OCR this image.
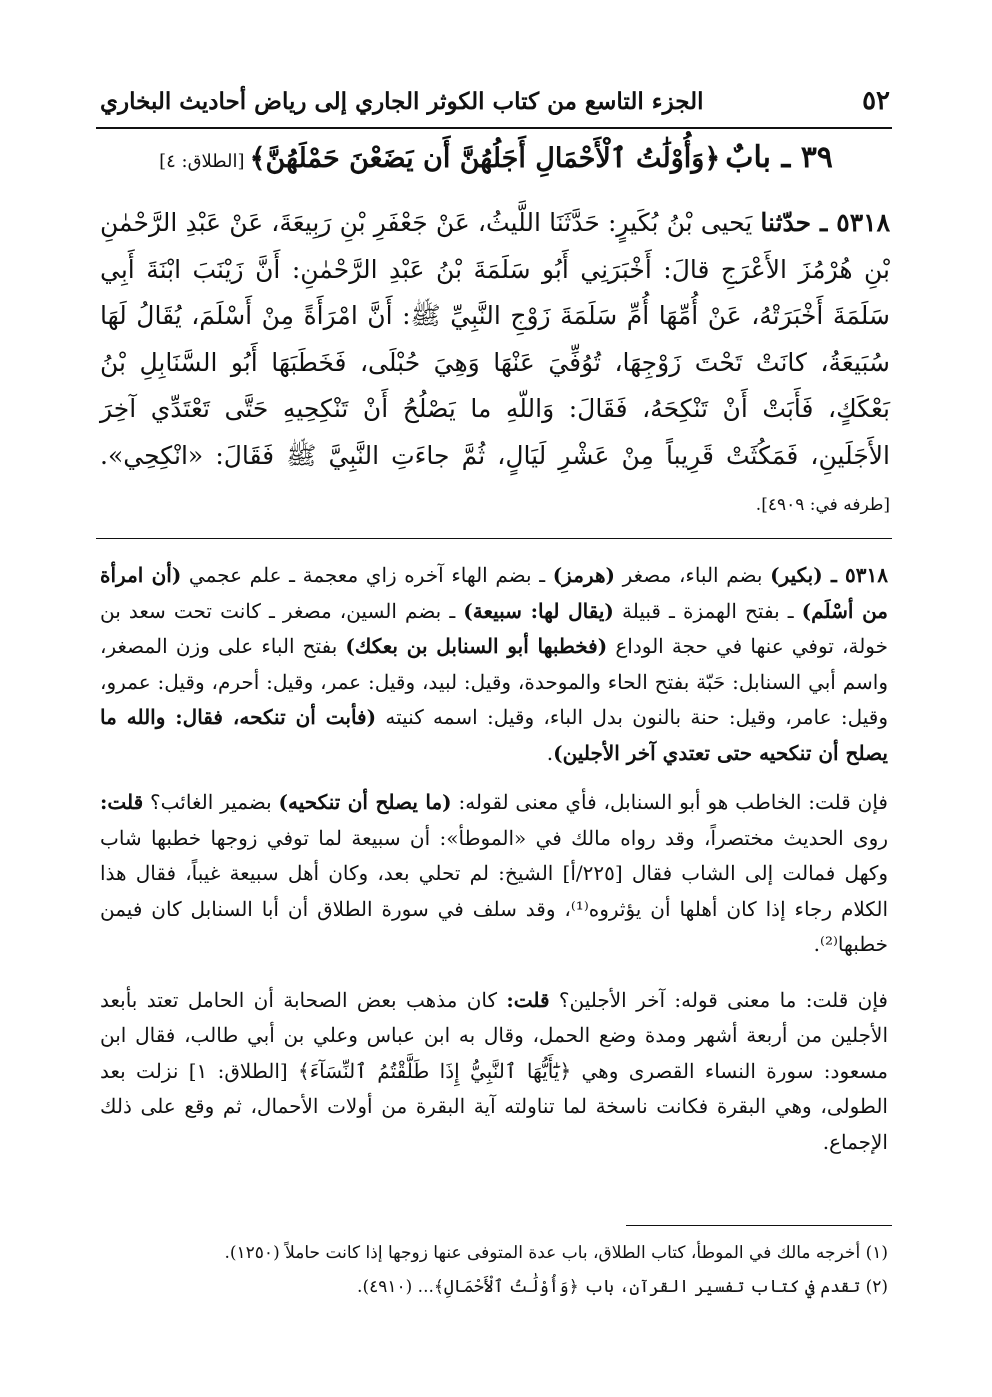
٥٢
الجزء التاسع من كتاب الكوثر الجاري إلى رياض أحاديث البخاري
٣٩ ـ بابٌ ﴿وَأُوْلَٰتُ ٱلْأَحْمَالِ أَجَلُهُنَّ أَن يَضَعْنَ حَمْلَهُنَّ﴾ [الطلاق: ٤]
٥٣١٨ ـ حدّثنا يَحيى بْنُ بُكَيرٍ: حَدَّثَنَا اللَّيثُ، عَنْ جَعْفَرِ بْنِ رَبِيعَةَ، عَنْ عَبْدِ الرَّحْمٰنِ بْنِ هُرْمُزَ الأَعْرَجِ قالَ: أَخْبَرَنِي أَبُو سَلَمَةَ بْنُ عَبْدِ الرَّحْمٰنِ: أَنَّ زَيْنَبَ ابْنَةَ أَبِي سَلَمَةَ أَخْبَرَتْهُ، عَنْ أُمِّهَا أُمِّ سَلَمَةَ زَوْجِ النَّبِيِّ ﷺ: أَنَّ امْرَأَةً مِنْ أَسْلَمَ، يُقَالُ لَهَا سُبَيعَةُ، كانَتْ تَحْتَ زَوْجِهَا، تُوُفِّيَ عَنْهَا وَهِيَ حُبْلَى، فَخَطَبَهَا أَبُو السَّنَابِلِ بْنُ بَعْكَكٍ، فَأَبَتْ أَنْ تَنْكِحَهُ، فَقَالَ: وَاللّهِ ما يَصْلُحُ أَنْ تَنْكِحِيهِ حَتَّى تَعْتَدِّي آخِرَ الأَجَلَينِ، فَمَكُثَتْ قَرِيباً مِنْ عَشْرِ لَيَالٍ، ثُمَّ جاءَتِ النَّبِيَّ ﷺ فَقَالَ: «انْكِحِي». [طرفه في: ٤٩٠٩].

٥٣١٨ ـ (بكير) بضم الباء، مصغر (هرمز) ـ بضم الهاء آخره زاي معجمة ـ علم عجمي (أن امرأة من أسْلَم) ـ بفتح الهمزة ـ قبيلة (يقال لها: سبيعة) ـ بضم السين، مصغر ـ كانت تحت سعد بن خولة، توفي عنها في حجة الوداع (فخطبها أبو السنابل بن بعكك) بفتح الباء على وزن المصغر، واسم أبي السنابل: حَبّة بفتح الحاء والموحدة، وقيل: لبيد، وقيل: عمر، وقيل: أحرم، وقيل: عمرو، وقيل: عامر، وقيل: حنة بالنون بدل الباء، وقيل: اسمه كنيته (فأبت أن تنكحه، فقال: والله ما يصلح أن تنكحيه حتى تعتدي آخر الأجلين).

فإن قلت: الخاطب هو أبو السنابل، فأي معنى لقوله: (ما يصلح أن تنكحيه) بضمير الغائب؟ قلت: روى الحديث مختصراً، وقد رواه مالك في «الموطأ»: أن سبيعة لما توفي زوجها خطبها شاب وكهل فمالت إلى الشاب فقال [٢٢٥/أ] الشيخ: لم تحلي بعد، وكان أهل سبيعة غيباً، فقال هذا الكلام رجاء إذا كان أهلها أن يؤثروه⁽¹⁾، وقد سلف في سورة الطلاق أن أبا السنابل كان فيمن خطبها⁽²⁾.

فإن قلت: ما معنى قوله: آخر الأجلين؟ قلت: كان مذهب بعض الصحابة أن الحامل تعتد بأبعد الأجلين من أربعة أشهر ومدة وضع الحمل، وقال به ابن عباس وعلي بن أبي طالب، فقال ابن مسعود: سورة النساء القصرى وهي ﴿يَٰٓأَيُّهَا ٱلنَّبِيُّ إِذَا طَلَّقْتُمُ ٱلنِّسَآءَ﴾ [الطلاق: ١] نزلت بعد الطولى، وهي البقرة فكانت ناسخة لما تناولته آية البقرة من أولات الأحمال، ثم وقع على ذلك الإجماع.

(١) أخرجه مالك في الموطأ، كتاب الطلاق، باب عدة المتوفى عنها زوجها إذا كانت حاملاً (١٢٥٠).

(٢) تقدم في كتاب تفسير القرآن، باب ﴿وَأُوْلَٰتُ ٱلْأَحْمَالِ﴾... (٤٩١٠).
